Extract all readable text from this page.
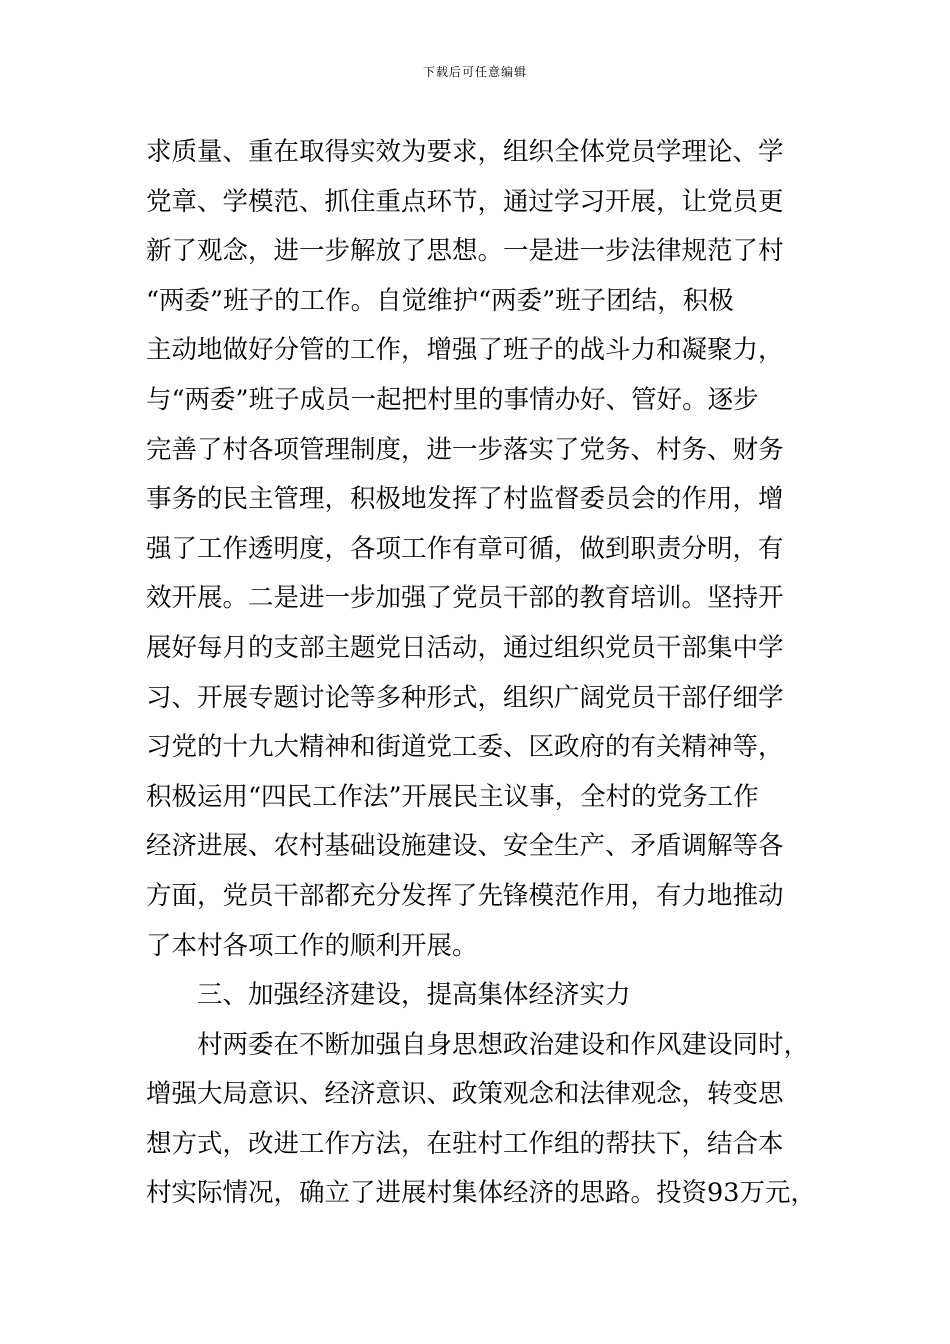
下载后可任意编辑
求质量、重在取得实效为要求，组织全体党员学理论、学
党章、学模范、抓住重点环节，通过学习开展，让党员更
新了观念，进一步解放了思想。一是进一步法律规范了村
“两委”班子的工作。自觉维护“两委”班子团结，积极
主动地做好分管的工作，增强了班子的战斗力和凝聚力，
与“两委”班子成员一起把村里的事情办好、管好。逐步
完善了村各项管理制度，进一步落实了党务、村务、财务
事务的民主管理，积极地发挥了村监督委员会的作用，增
强了工作透明度，各项工作有章可循，做到职责分明，有
效开展。二是进一步加强了党员干部的教育培训。坚持开
展好每月的支部主题党日活动，通过组织党员干部集中学
习、开展专题讨论等多种形式，组织广阔党员干部仔细学
习党的十九大精神和街道党工委、区政府的有关精神等，
积极运用“四民工作法”开展民主议事，全村的党务工作
经济进展、农村基础设施建设、安全生产、矛盾调解等各
方面，党员干部都充分发挥了先锋模范作用，有力地推动
了本村各项工作的顺利开展。
三、加强经济建设，提高集体经济实力
村两委在不断加强自身思想政治建设和作风建设同时，
增强大局意识、经济意识、政策观念和法律观念，转变思
想方式，改进工作方法，在驻村工作组的帮扶下，结合本
村实际情况，确立了进展村集体经济的思路。投资93万元，
